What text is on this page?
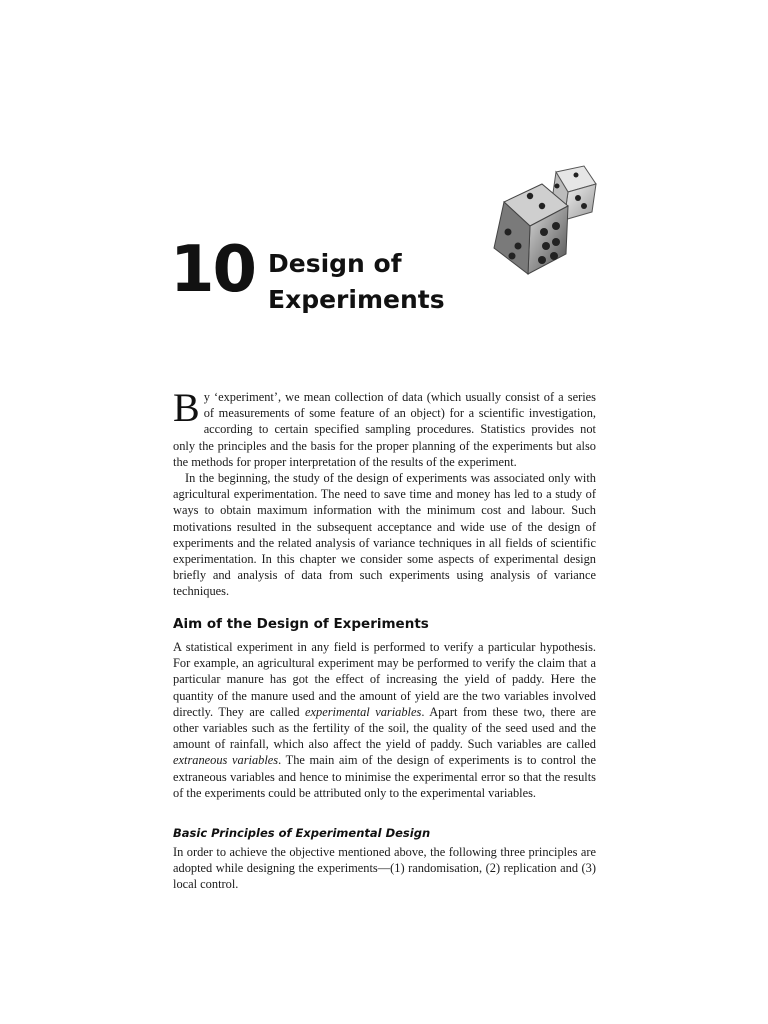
10 Design of
Experiments

By ‘experiment’, we mean collection of data (which usually consist of a series of measurements of some feature of an object) for a scientific investigation, according to certain specified sampling procedures. Statistics provides not only the principles and the basis for the proper planning of the experiments but also the methods for proper interpretation of the results of the experiment.

In the beginning, the study of the design of experiments was associated only with agricultural experimentation. The need to save time and money has led to a study of ways to obtain maximum information with the minimum cost and labour. Such motivations resulted in the subsequent acceptance and wide use of the design of experiments and the related analysis of variance techniques in all fields of scientific experimentation. In this chapter we consider some aspects of experimental design briefly and analysis of data from such experiments using analysis of variance techniques.

Aim of the Design of Experiments

A statistical experiment in any field is performed to verify a particular hypothesis. For example, an agricultural experiment may be performed to verify the claim that a particular manure has got the effect of increasing the yield of paddy. Here the quantity of the manure used and the amount of yield are the two variables involved directly. They are called experimental variables. Apart from these two, there are other variables such as the fertility of the soil, the quality of the seed used and the amount of rainfall, which also affect the yield of paddy. Such variables are called extraneous variables. The main aim of the design of experiments is to control the extraneous variables and hence to minimise the experimental error so that the results of the experiments could be attributed only to the experimental variables.

Basic Principles of Experimental Design

In order to achieve the objective mentioned above, the following three principles are adopted while designing the experiments—(1) randomisation, (2) replication and (3) local control.
